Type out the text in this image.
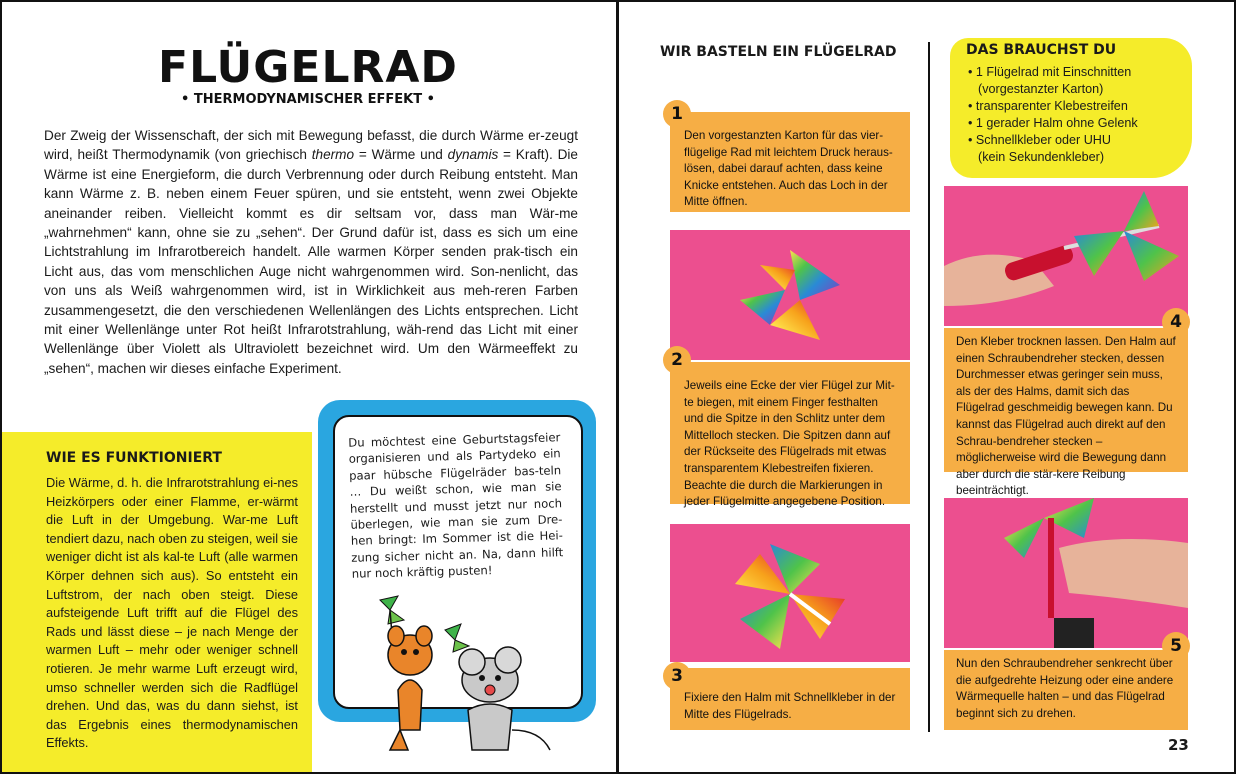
FLÜGELRAD
• THERMODYNAMISCHER EFFEKT •

Der Zweig der Wissenschaft, der sich mit Bewegung befasst, die durch Wärme er-zeugt wird, heißt Thermodynamik (von griechisch thermo = Wärme und dynamis = Kraft). Die Wärme ist eine Energieform, die durch Verbrennung oder durch Reibung entsteht. Man kann Wärme z. B. neben einem Feuer spüren, und sie entsteht, wenn zwei Objekte aneinander reiben. Vielleicht kommt es dir seltsam vor, dass man Wär-me „wahrnehmen“ kann, ohne sie zu „sehen“. Der Grund dafür ist, dass es sich um eine Lichtstrahlung im Infrarotbereich handelt. Alle warmen Körper senden prak-tisch ein Licht aus, das vom menschlichen Auge nicht wahrgenommen wird. Son-nenlicht, das von uns als Weiß wahrgenommen wird, ist in Wirklichkeit aus meh-reren Farben zusammengesetzt, die den verschiedenen Wellenlängen des Lichts entsprechen. Licht mit einer Wellenlänge unter Rot heißt Infrarotstrahlung, wäh-rend das Licht mit einer Wellenlänge über Violett als Ultraviolett bezeichnet wird. Um den Wärmeeffekt zu „sehen“, machen wir dieses einfache Experiment.

WIE ES FUNKTIONIERT

Die Wärme, d. h. die Infrarotstrahlung ei-nes Heizkörpers oder einer Flamme, er-wärmt die Luft in der Umgebung. War-me Luft tendiert dazu, nach oben zu steigen, weil sie weniger dicht ist als kal-te Luft (alle warmen Körper dehnen sich aus). So entsteht ein Luftstrom, der nach oben steigt. Diese aufsteigende Luft trifft auf die Flügel des Rads und lässt diese – je nach Menge der warmen Luft – mehr oder weniger schnell rotieren. Je mehr warme Luft erzeugt wird, umso schneller werden sich die Radflügel drehen. Und das, was du dann siehst, ist das Ergebnis eines thermodynamischen Effekts.

Du möchtest eine Geburtstagsfeier organisieren und als Partydeko ein paar hübsche Flügelräder bas-teln … Du weißt schon, wie man sie herstellt und musst jetzt nur noch überlegen, wie man sie zum Dre-hen bringt: Im Sommer ist die Hei-zung sicher nicht an. Na, dann hilft nur noch kräftig pusten!

WIR BASTELN EIN FLÜGELRAD	DAS BRAUCHST DU
• 1 Flügelrad mit Einschnitten
(vorgestanzter Karton)
• transparenter Klebestreifen
• 1 gerader Halm ohne Gelenk
• Schnellkleber oder UHU
(kein Sekundenkleber)
1

Den vorgestanzten Karton für das vier-flügelige Rad mit leichtem Druck heraus-lösen, dabei darauf achten, dass keine Knicke entstehen. Auch das Loch in der Mitte öffnen.

2

Jeweils eine Ecke der vier Flügel zur Mit-te biegen, mit einem Finger festhalten und die Spitze in den Schlitz unter dem Mittelloch stecken. Die Spitzen dann auf der Rückseite des Flügelrads mit etwas transparentem Klebestreifen fixieren. Beachte die durch die Markierungen in jeder Flügelmitte angegebene Position.

3

Fixiere den Halm mit Schnellkleber in der Mitte des Flügelrads.

4

Den Kleber trocknen lassen. Den Halm auf einen Schraubendreher stecken, dessen Durchmesser etwas geringer sein muss, als der des Halms, damit sich das Flügelrad geschmeidig bewegen kann. Du kannst das Flügelrad auch direkt auf den Schrau-bendreher stecken – möglicherweise wird die Bewegung dann aber durch die stär-kere Reibung beeinträchtigt.

5

Nun den Schraubendreher senkrecht über die aufgedrehte Heizung oder eine andere Wärmequelle halten – und das Flügelrad beginnt sich zu drehen.

23
